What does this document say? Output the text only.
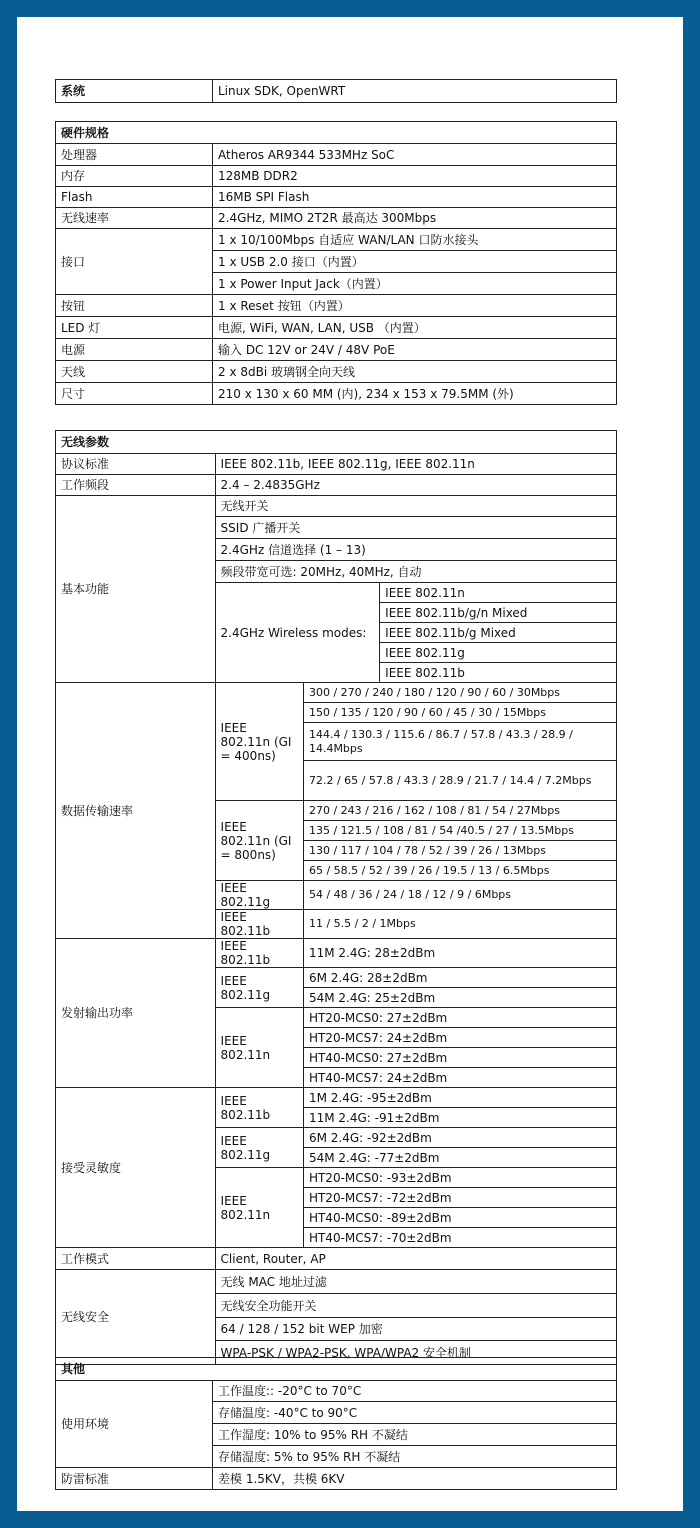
系统	Linux SDK, OpenWRT
硬件规格	
处理器	Atheros AR9344 533MHz SoC
内存	128MB DDR2
Flash	16MB SPI Flash
无线速率	2.4GHz, MIMO 2T2R 最高达 300Mbps
接口	1 x 10/100Mbps 自适应 WAN/LAN 口防水接头
	1 x USB 2.0 接口（内置）
	1 x Power Input Jack（内置）
按钮	1 x Reset 按钮（内置）
LED 灯	电源, WiFi, WAN, LAN, USB （内置）
电源	输入 DC 12V or 24V / 48V PoE
天线	2 x 8dBi 玻璃钢全向天线
尺寸	210 x 130 x 60 MM (内), 234 x 153 x 79.5MM (外)
无线参数			
协议标准	IEEE 802.11b, IEEE 802.11g, IEEE 802.11n		
工作频段	2.4 – 2.4835GHz		
基本功能	无线开关		
	SSID 广播开关		
	2.4GHz 信道选择 (1 – 13)		
	频段带宽可选: 20MHz, 40MHz, 自动		
	2.4GHz Wireless modes:		IEEE 802.11n
			IEEE 802.11b/g/n Mixed
			IEEE 802.11b/g Mixed
			IEEE 802.11g
			IEEE 802.11b
数据传输速率	IEEE 802.11n (GI = 400ns)	300 / 270 / 240 / 180 / 120 / 90 / 60 / 30Mbps	
		150 / 135 / 120 / 90 / 60 / 45 / 30 / 15Mbps	
		144.4 / 130.3 / 115.6 / 86.7 / 57.8 / 43.3 / 28.9 / 14.4Mbps	
		72.2 / 65 / 57.8 / 43.3 / 28.9 / 21.7 / 14.4 / 7.2Mbps	
	IEEE 802.11n (GI = 800ns)	270 / 243 / 216 / 162 / 108 / 81 / 54 / 27Mbps	
		135 / 121.5 / 108 / 81 / 54 /40.5 / 27 / 13.5Mbps	
		130 / 117 / 104 / 78 / 52 / 39 / 26 / 13Mbps	
		65 / 58.5 / 52 / 39 / 26 / 19.5 / 13 / 6.5Mbps	
	IEEE 802.11g	54 / 48 / 36 / 24 / 18 / 12 / 9 / 6Mbps	
	IEEE 802.11b	11 / 5.5 / 2 / 1Mbps	
发射输出功率	IEEE 802.11b	11M 2.4G: 28±2dBm	
	IEEE 802.11g	6M 2.4G: 28±2dBm	
		54M 2.4G: 25±2dBm	
	IEEE 802.11n	HT20-MCS0: 27±2dBm	
		HT20-MCS7: 24±2dBm	
		HT40-MCS0: 27±2dBm	
		HT40-MCS7: 24±2dBm	
接受灵敏度	IEEE 802.11b	1M 2.4G: -95±2dBm	
		11M 2.4G: -91±2dBm	
	IEEE 802.11g	6M 2.4G: -92±2dBm	
		54M 2.4G: -77±2dBm	
	IEEE 802.11n	HT20-MCS0: -93±2dBm	
		HT20-MCS7: -72±2dBm	
		HT40-MCS0: -89±2dBm	
		HT40-MCS7: -70±2dBm	
工作模式	Client, Router, AP		
无线安全	无线 MAC 地址过滤		
	无线安全功能开关		
	64 / 128 / 152 bit WEP 加密		
	WPA-PSK / WPA2-PSK, WPA/WPA2 安全机制		
其他	
使用环境	工作温度:: -20°C to 70°C
	存储温度: -40°C to 90°C
	工作湿度: 10% to 95% RH 不凝结
	存储湿度: 5% to 95% RH 不凝结
防雷标准	差模 1.5KV，共模 6KV
